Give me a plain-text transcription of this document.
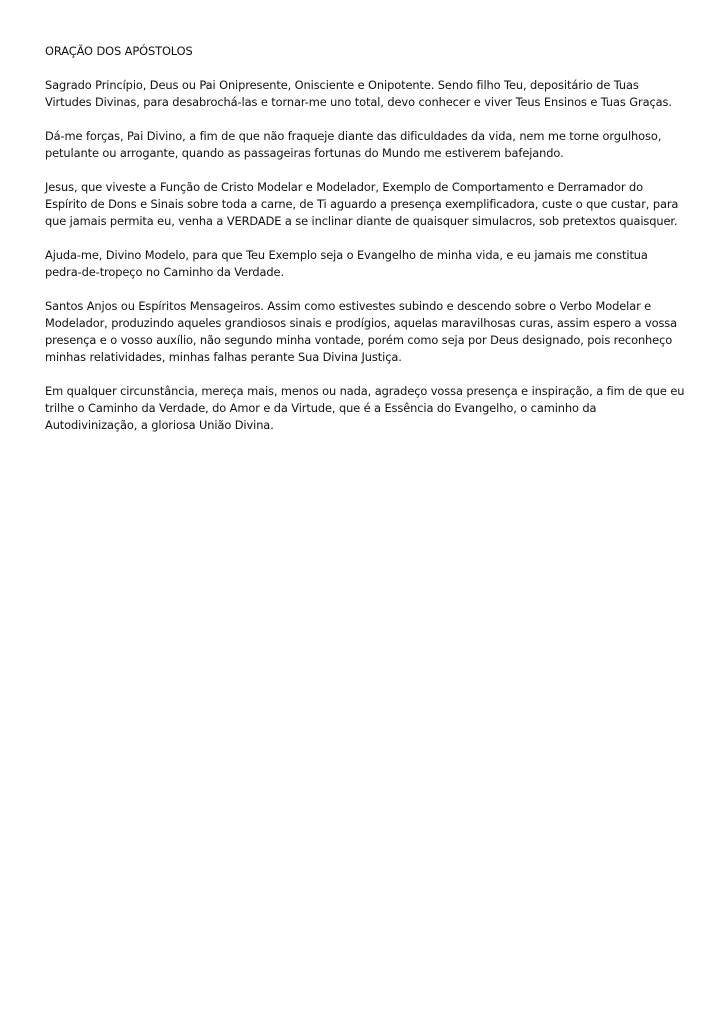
ORAÇÃO DOS APÓSTOLOS

Sagrado Princípio, Deus ou Pai Onipresente, Onisciente e Onipotente. Sendo filho Teu, depositário de Tuas Virtudes Divinas, para desabrochá-las e tornar-me uno total, devo conhecer e viver Teus Ensinos e Tuas Graças.

Dá-me forças, Pai Divino, a fim de que não fraqueje diante das dificuldades da vida, nem me torne orgulhoso, petulante ou arrogante, quando as passageiras fortunas do Mundo me estiverem bafejando.

Jesus, que viveste a Função de Cristo Modelar e Modelador, Exemplo de Comportamento e Derramador do Espírito de Dons e Sinais sobre toda a carne, de Ti aguardo a presença exemplificadora, custe o que custar, para que jamais permita eu, venha a VERDADE a se inclinar diante de quaisquer simulacros, sob pretextos quaisquer.

Ajuda-me, Divino Modelo, para que Teu Exemplo seja o Evangelho de minha vida, e eu jamais me constitua pedra-de-tropeço no Caminho da Verdade.

Santos Anjos ou Espíritos Mensageiros. Assim como estivestes subindo e descendo sobre o Verbo Modelar e Modelador, produzindo aqueles grandiosos sinais e prodígios, aquelas maravilhosas curas, assim espero a vossa presença e o vosso auxílio, não segundo minha vontade, porém como seja por Deus designado, pois reconheço minhas relatividades, minhas falhas perante Sua Divina Justiça.

Em qualquer circunstância, mereça mais, menos ou nada, agradeço vossa presença e inspiração, a fim de que eu trilhe o Caminho da Verdade, do Amor e da Virtude, que é a Essência do Evangelho, o caminho da Autodivinização, a gloriosa União Divina.
